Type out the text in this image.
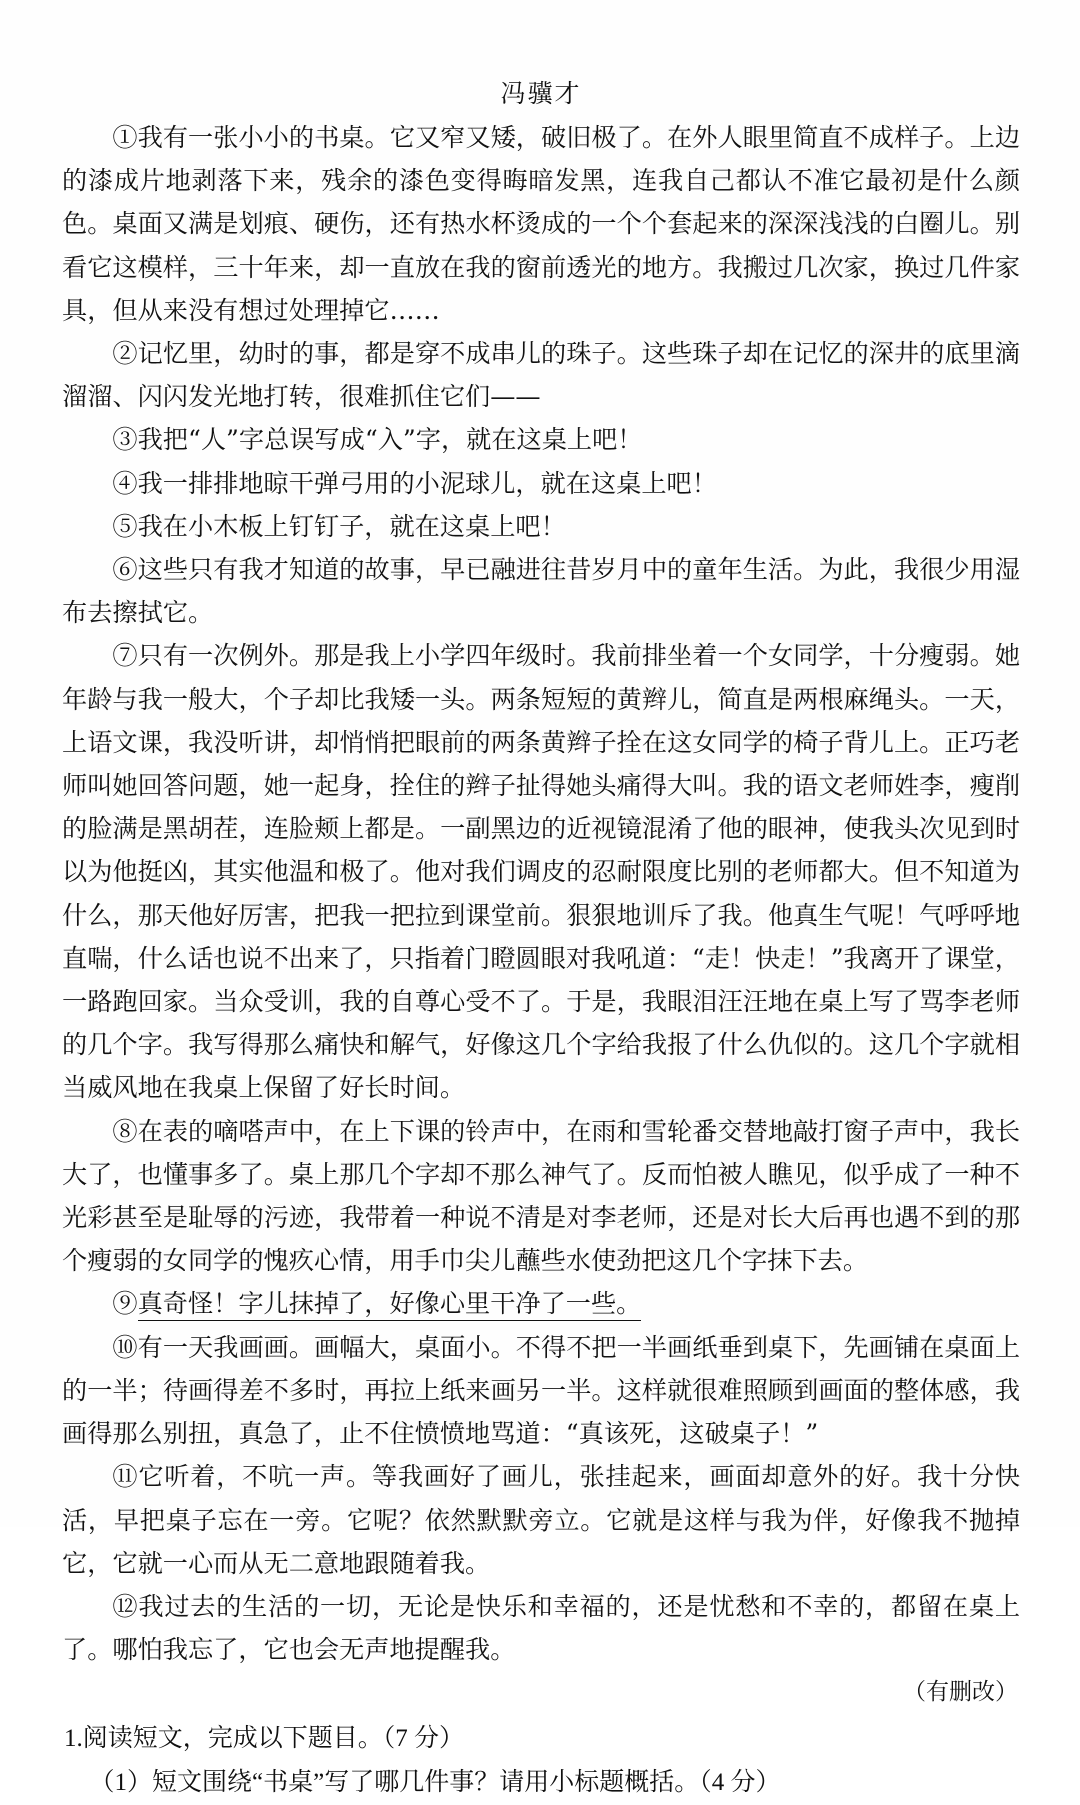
冯骥才

①我有一张小小的书桌。它又窄又矮，破旧极了。在外人眼里简直不成样子。上边的漆成片地剥落下来，残余的漆色变得晦暗发黑，连我自己都认不准它最初是什么颜色。桌面又满是划痕、硬伤，还有热水杯烫成的一个个套起来的深深浅浅的白圈儿。别看它这模样，三十年来，却一直放在我的窗前透光的地方。我搬过几次家，换过几件家具，但从来没有想过处理掉它……

②记忆里，幼时的事，都是穿不成串儿的珠子。这些珠子却在记忆的深井的底里滴溜溜、闪闪发光地打转，很难抓住它们——

③我把“人”字总误写成“入”字，就在这桌上吧！

④我一排排地晾干弹弓用的小泥球儿，就在这桌上吧！

⑤我在小木板上钉钉子，就在这桌上吧！

⑥这些只有我才知道的故事，早已融进往昔岁月中的童年生活。为此，我很少用湿布去擦拭它。

⑦只有一次例外。那是我上小学四年级时。我前排坐着一个女同学，十分瘦弱。她年龄与我一般大，个子却比我矮一头。两条短短的黄辫儿，简直是两根麻绳头。一天，上语文课，我没听讲，却悄悄把眼前的两条黄辫子拴在这女同学的椅子背儿上。正巧老师叫她回答问题，她一起身，拴住的辫子扯得她头痛得大叫。我的语文老师姓李，瘦削的脸满是黑胡茬，连脸颊上都是。一副黑边的近视镜混淆了他的眼神，使我头次见到时以为他挺凶，其实他温和极了。他对我们调皮的忍耐限度比别的老师都大。但不知道为什么，那天他好厉害，把我一把拉到课堂前。狠狠地训斥了我。他真生气呢！气呼呼地直喘，什么话也说不出来了，只指着门瞪圆眼对我吼道：“走！快走！”我离开了课堂，一路跑回家。当众受训，我的自尊心受不了。于是，我眼泪汪汪地在桌上写了骂李老师的几个字。我写得那么痛快和解气，好像这几个字给我报了什么仇似的。这几个字就相当威风地在我桌上保留了好长时间。

⑧在表的嘀嗒声中，在上下课的铃声中，在雨和雪轮番交替地敲打窗子声中，我长大了，也懂事多了。桌上那几个字却不那么神气了。反而怕被人瞧见，似乎成了一种不光彩甚至是耻辱的污迹，我带着一种说不清是对李老师，还是对长大后再也遇不到的那个瘦弱的女同学的愧疚心情，用手巾尖儿蘸些水使劲把这几个字抹下去。

⑨真奇怪！字儿抹掉了，好像心里干净了一些。

⑩有一天我画画。画幅大，桌面小。不得不把一半画纸垂到桌下，先画铺在桌面上的一半；待画得差不多时，再拉上纸来画另一半。这样就很难照顾到画面的整体感，我画得那么别扭，真急了，止不住愤愤地骂道：“真该死，这破桌子！”

⑪它听着，不吭一声。等我画好了画儿，张挂起来，画面却意外的好。我十分快活，早把桌子忘在一旁。它呢？依然默默旁立。它就是这样与我为伴，好像我不抛掉它，它就一心而从无二意地跟随着我。

⑫我过去的生活的一切，无论是快乐和幸福的，还是忧愁和不幸的，都留在桌上了。哪怕我忘了，它也会无声地提醒我。

（有删改）

1.阅读短文，完成以下题目。（7 分）

（1）短文围绕“书桌”写了哪几件事？请用小标题概括。（4 分）
